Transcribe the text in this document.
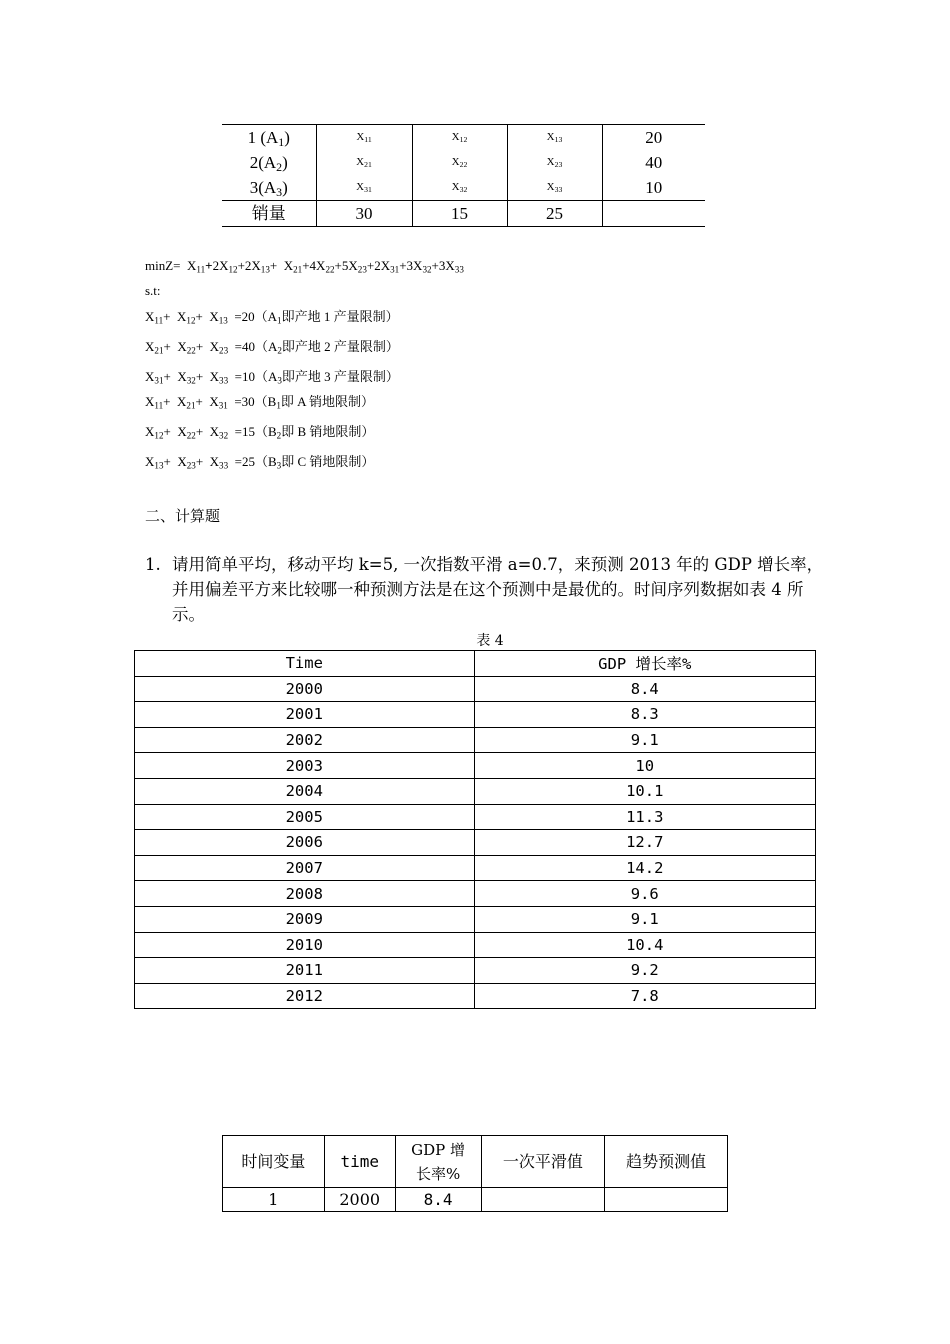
1 $(A_1)$	$X_{11}$	$X_{12}$	$X_{13}$	20
$2(A_2)$	$X_{21}$	$X_{22}$	$X_{23}$	40
$3(A_3)$	$X_{31}$	$X_{32}$	$X_{33}$	10
销量	30	15	25	
$\min Z= X_{11}+2X_{12}+2X_{13}+ X_{21}+4X_{22}+5X_{23}+2X_{31}+3X_{32}+3X_{33}$
s.t:
$X_{11}+ X_{12}+ X_{13} =20(A_1$即产地 1 产量限制）
$X_{21}+ X_{22}+ X_{23} =40(A_2$即产地 2 产量限制）
$X_{31}+ X_{32}+ X_{33} =10(A_3$即产地 3 产量限制）
$X_{11}+ X_{21}+ X_{31} =30(B_1$即 A 销地限制）
$X_{12}+ X_{22}+ X_{32} =15(B_2$即 B 销地限制）
$X_{13}+ X_{23}+ X_{33} =25(B_3$即 C 销地限制）
二、计算题
1. 请用简单平均，移动平均 k=5, 一次指数平滑 a=0.7，来预测 2013 年的 GDP 增长率，并用偏差平方来比较哪一种预测方法是在这个预测中是最优的。时间序列数据如表 4 所示。
表 4
Time	GDP 增长率%
2000	8.4
2001	8.3
2002	9.1
2003	10
2004	10.1
2005	11.3
2006	12.7
2007	14.2
2008	9.6
2009	9.1
2010	10.4
2011	9.2
2012	7.8
时间变量	time	GDP 增长率%	一次平滑值	趋势预测值
1	2000	8.4		
